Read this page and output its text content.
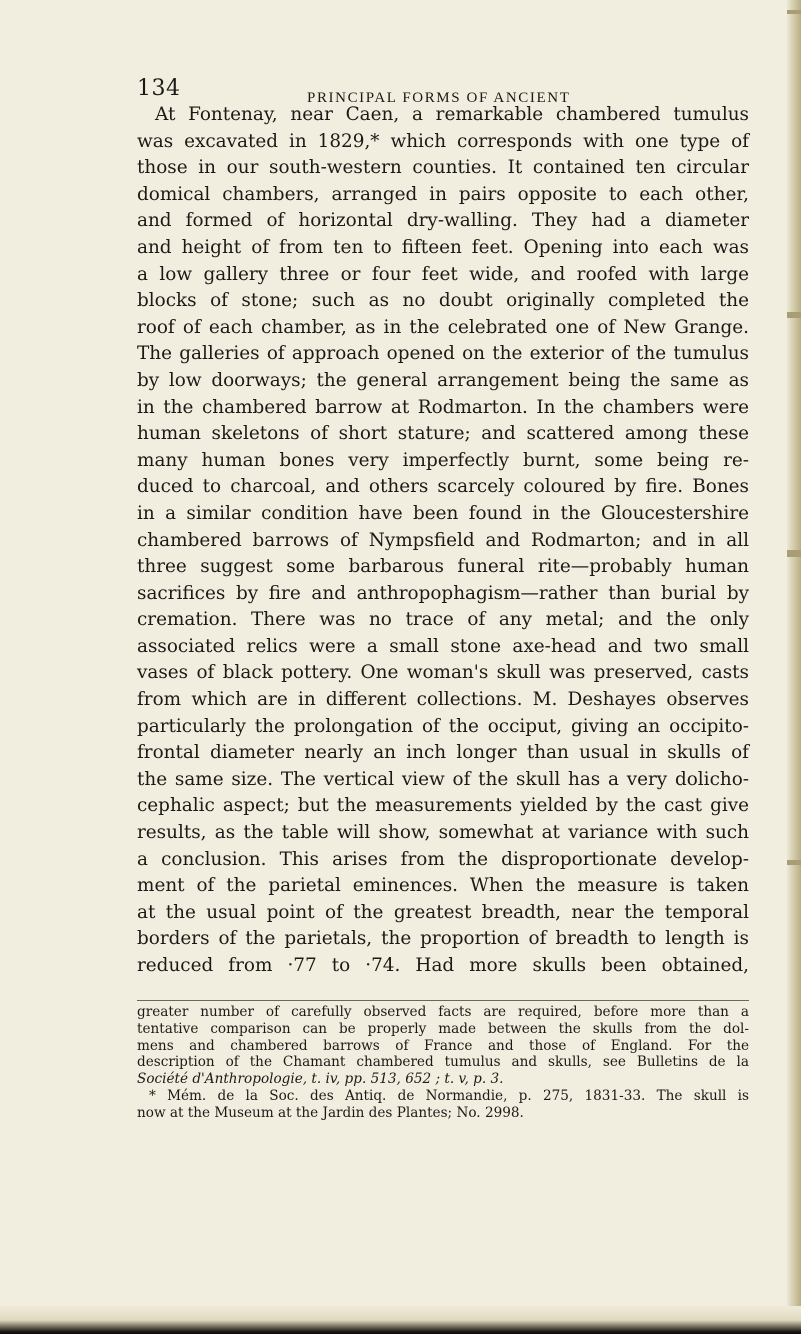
134	PRINCIPAL FORMS OF ANCIENT
At Fontenay, near Caen, a remarkable chambered tumulus
was excavated in 1829,* which corresponds with one type of
those in our south-western counties. It contained ten circular
domical chambers, arranged in pairs opposite to each other,
and formed of horizontal dry-walling. They had a diameter
and height of from ten to fifteen feet. Opening into each was
a low gallery three or four feet wide, and roofed with large
blocks of stone; such as no doubt originally completed the
roof of each chamber, as in the celebrated one of New Grange.
The galleries of approach opened on the exterior of the tumulus
by low doorways; the general arrangement being the same as
in the chambered barrow at Rodmarton. In the chambers were
human skeletons of short stature; and scattered among these
many human bones very imperfectly burnt, some being re-
duced to charcoal, and others scarcely coloured by fire. Bones
in a similar condition have been found in the Gloucestershire
chambered barrows of Nympsfield and Rodmarton; and in all
three suggest some barbarous funeral rite—probably human
sacrifices by fire and anthropophagism—rather than burial by
cremation. There was no trace of any metal; and the only
associated relics were a small stone axe-head and two small
vases of black pottery. One woman's skull was preserved, casts
from which are in different collections. M. Deshayes observes
particularly the prolongation of the occiput, giving an occipito-
frontal diameter nearly an inch longer than usual in skulls of
the same size. The vertical view of the skull has a very dolicho-
cephalic aspect; but the measurements yielded by the cast give
results, as the table will show, somewhat at variance with such
a conclusion. This arises from the disproportionate develop-
ment of the parietal eminences. When the measure is taken
at the usual point of the greatest breadth, near the temporal
borders of the parietals, the proportion of breadth to length is
reduced from ·77 to ·74. Had more skulls been obtained,
greater number of carefully observed facts are required, before more than a
tentative comparison can be properly made between the skulls from the dol-
mens and chambered barrows of France and those of England. For the
description of the Chamant chambered tumulus and skulls, see Bulletins de la
Société d'Anthropologie, t. iv, pp. 513, 652 ; t. v, p. 3.
* Mém. de la Soc. des Antiq. de Normandie, p. 275, 1831-33. The skull is
now at the Museum at the Jardin des Plantes; No. 2998.
